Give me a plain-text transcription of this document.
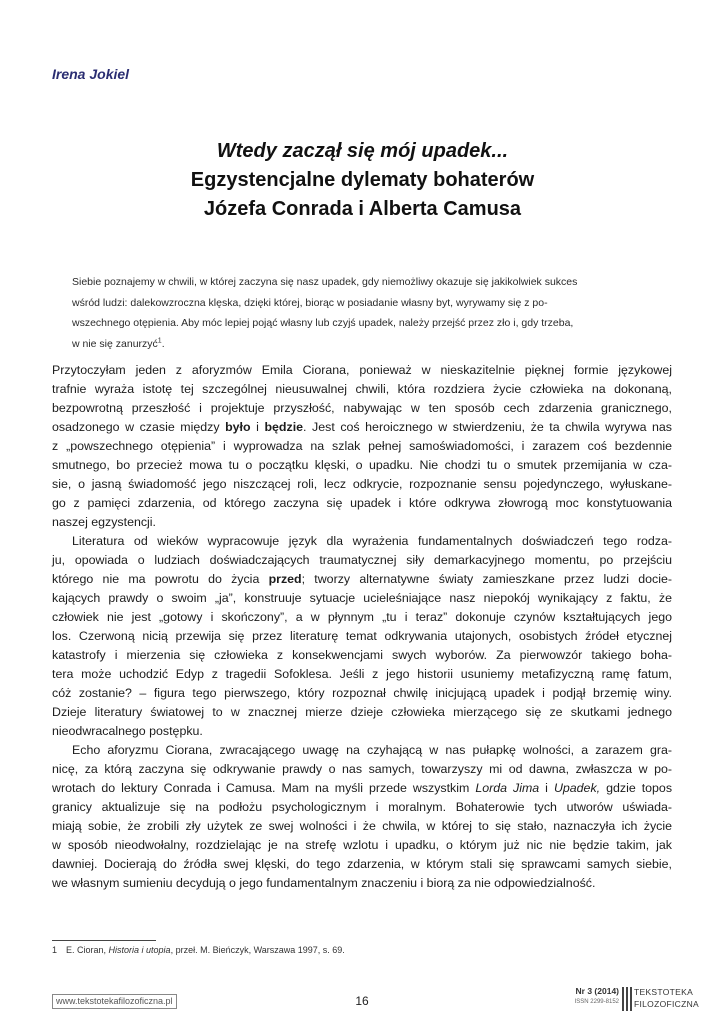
Irena Jokiel
Wtedy zaczął się mój upadek...
Egzystencjalne dylematy bohaterów
Józefa Conrada i Alberta Camusa
Siebie poznajemy w chwili, w której zaczyna się nasz upadek, gdy niemożliwy okazuje się jakikolwiek sukces
wśród ludzi: dalekowzroczna klęska, dzięki której, biorąc w posiadanie własny byt, wyrywamy się z po-
wszechnego otępienia. Aby móc lepiej pojąć własny lub czyjś upadek, należy przejść przez zło i, gdy trzeba,
w nie się zanurzyć$^1$.
Przytoczyłam jeden z aforyzmów Emila Ciorana, ponieważ w nieskazitelnie pięknej formie językowej
trafnie wyraża istotę tej szczególnej nieusuwalnej chwili, która rozdziera życie człowieka na dokonaną,
bezpowrotną przeszłość i projektuje przyszłość, nabywając w ten sposób cech zdarzenia granicznego,
osadzonego w czasie między było i będzie. Jest coś heroicznego w stwierdzeniu, że ta chwila wyrywa nas
z „powszechnego otępienia” i wyprowadza na szlak pełnej samoświadomości, i zarazem coś bezdennie
smutnego, bo przecież mowa tu o początku klęski, o upadku. Nie chodzi tu o smutek przemijania w cza-
sie, o jasną świadomość jego niszczącej roli, lecz odkrycie, rozpoznanie sensu pojedynczego, wyłuskane-
go z pamięci zdarzenia, od którego zaczyna się upadek i które odkrywa złowrogą moc konstytuowania
naszej egzystencji.
Literatura od wieków wypracowuje język dla wyrażenia fundamentalnych doświadczeń tego rodza-
ju, opowiada o ludziach doświadczających traumatycznej siły demarkacyjnego momentu, po przejściu
którego nie ma powrotu do życia przed; tworzy alternatywne światy zamieszkane przez ludzi docie-
kających prawdy o swoim „ja”, konstruuje sytuacje ucieleśniające nasz niepokój wynikający z faktu, że
człowiek nie jest „gotowy i skończony”, a w płynnym „tu i teraz” dokonuje czynów kształtujących jego
los. Czerwoną nicią przewija się przez literaturę temat odkrywania utajonych, osobistych źródeł etycznej
katastrofy i mierzenia się człowieka z konsekwencjami swych wyborów. Za pierwowzór takiego boha-
tera może uchodzić Edyp z tragedii Sofoklesa. Jeśli z jego historii usuniemy metafizyczną ramę fatum,
cóż zostanie? – figura tego pierwszego, który rozpoznał chwilę inicjującą upadek i podjął brzemię winy.
Dzieje literatury światowej to w znacznej mierze dzieje człowieka mierzącego się ze skutkami jednego
nieodwracalnego postępku.
Echo aforyzmu Ciorana, zwracającego uwagę na czyhającą w nas pułapkę wolności, a zarazem gra-
nicę, za którą zaczyna się odkrywanie prawdy o nas samych, towarzyszy mi od dawna, zwłaszcza w po-
wrotach do lektury Conrada i Camusa. Mam na myśli przede wszystkim Lorda Jima i Upadek, gdzie topos
granicy aktualizuje się na podłożu psychologicznym i moralnym. Bohaterowie tych utworów uświada-
miają sobie, że zrobili zły użytek ze swej wolności i że chwila, w której to się stało, naznaczyła ich życie
w sposób nieodwołalny, rozdzielając je na strefę wzlotu i upadku, o którym już nic nie będzie takim, jak
dawniej. Docierają do źródła swej klęski, do tego zdarzenia, w którym stali się sprawcami samych siebie,
we własnym sumieniu decydują o jego fundamentalnym znaczeniu i biorą za nie odpowiedzialność.
1 E. Cioran, Historia i utopia, przeł. M. Bieńczyk, Warszawa 1997, s. 69.
www.tekstotekafilozoficzna.pl	16
Nr 3 (2014)
ISSN 2299-8152
TEKSTOTEKA
FILOZOFICZNA
